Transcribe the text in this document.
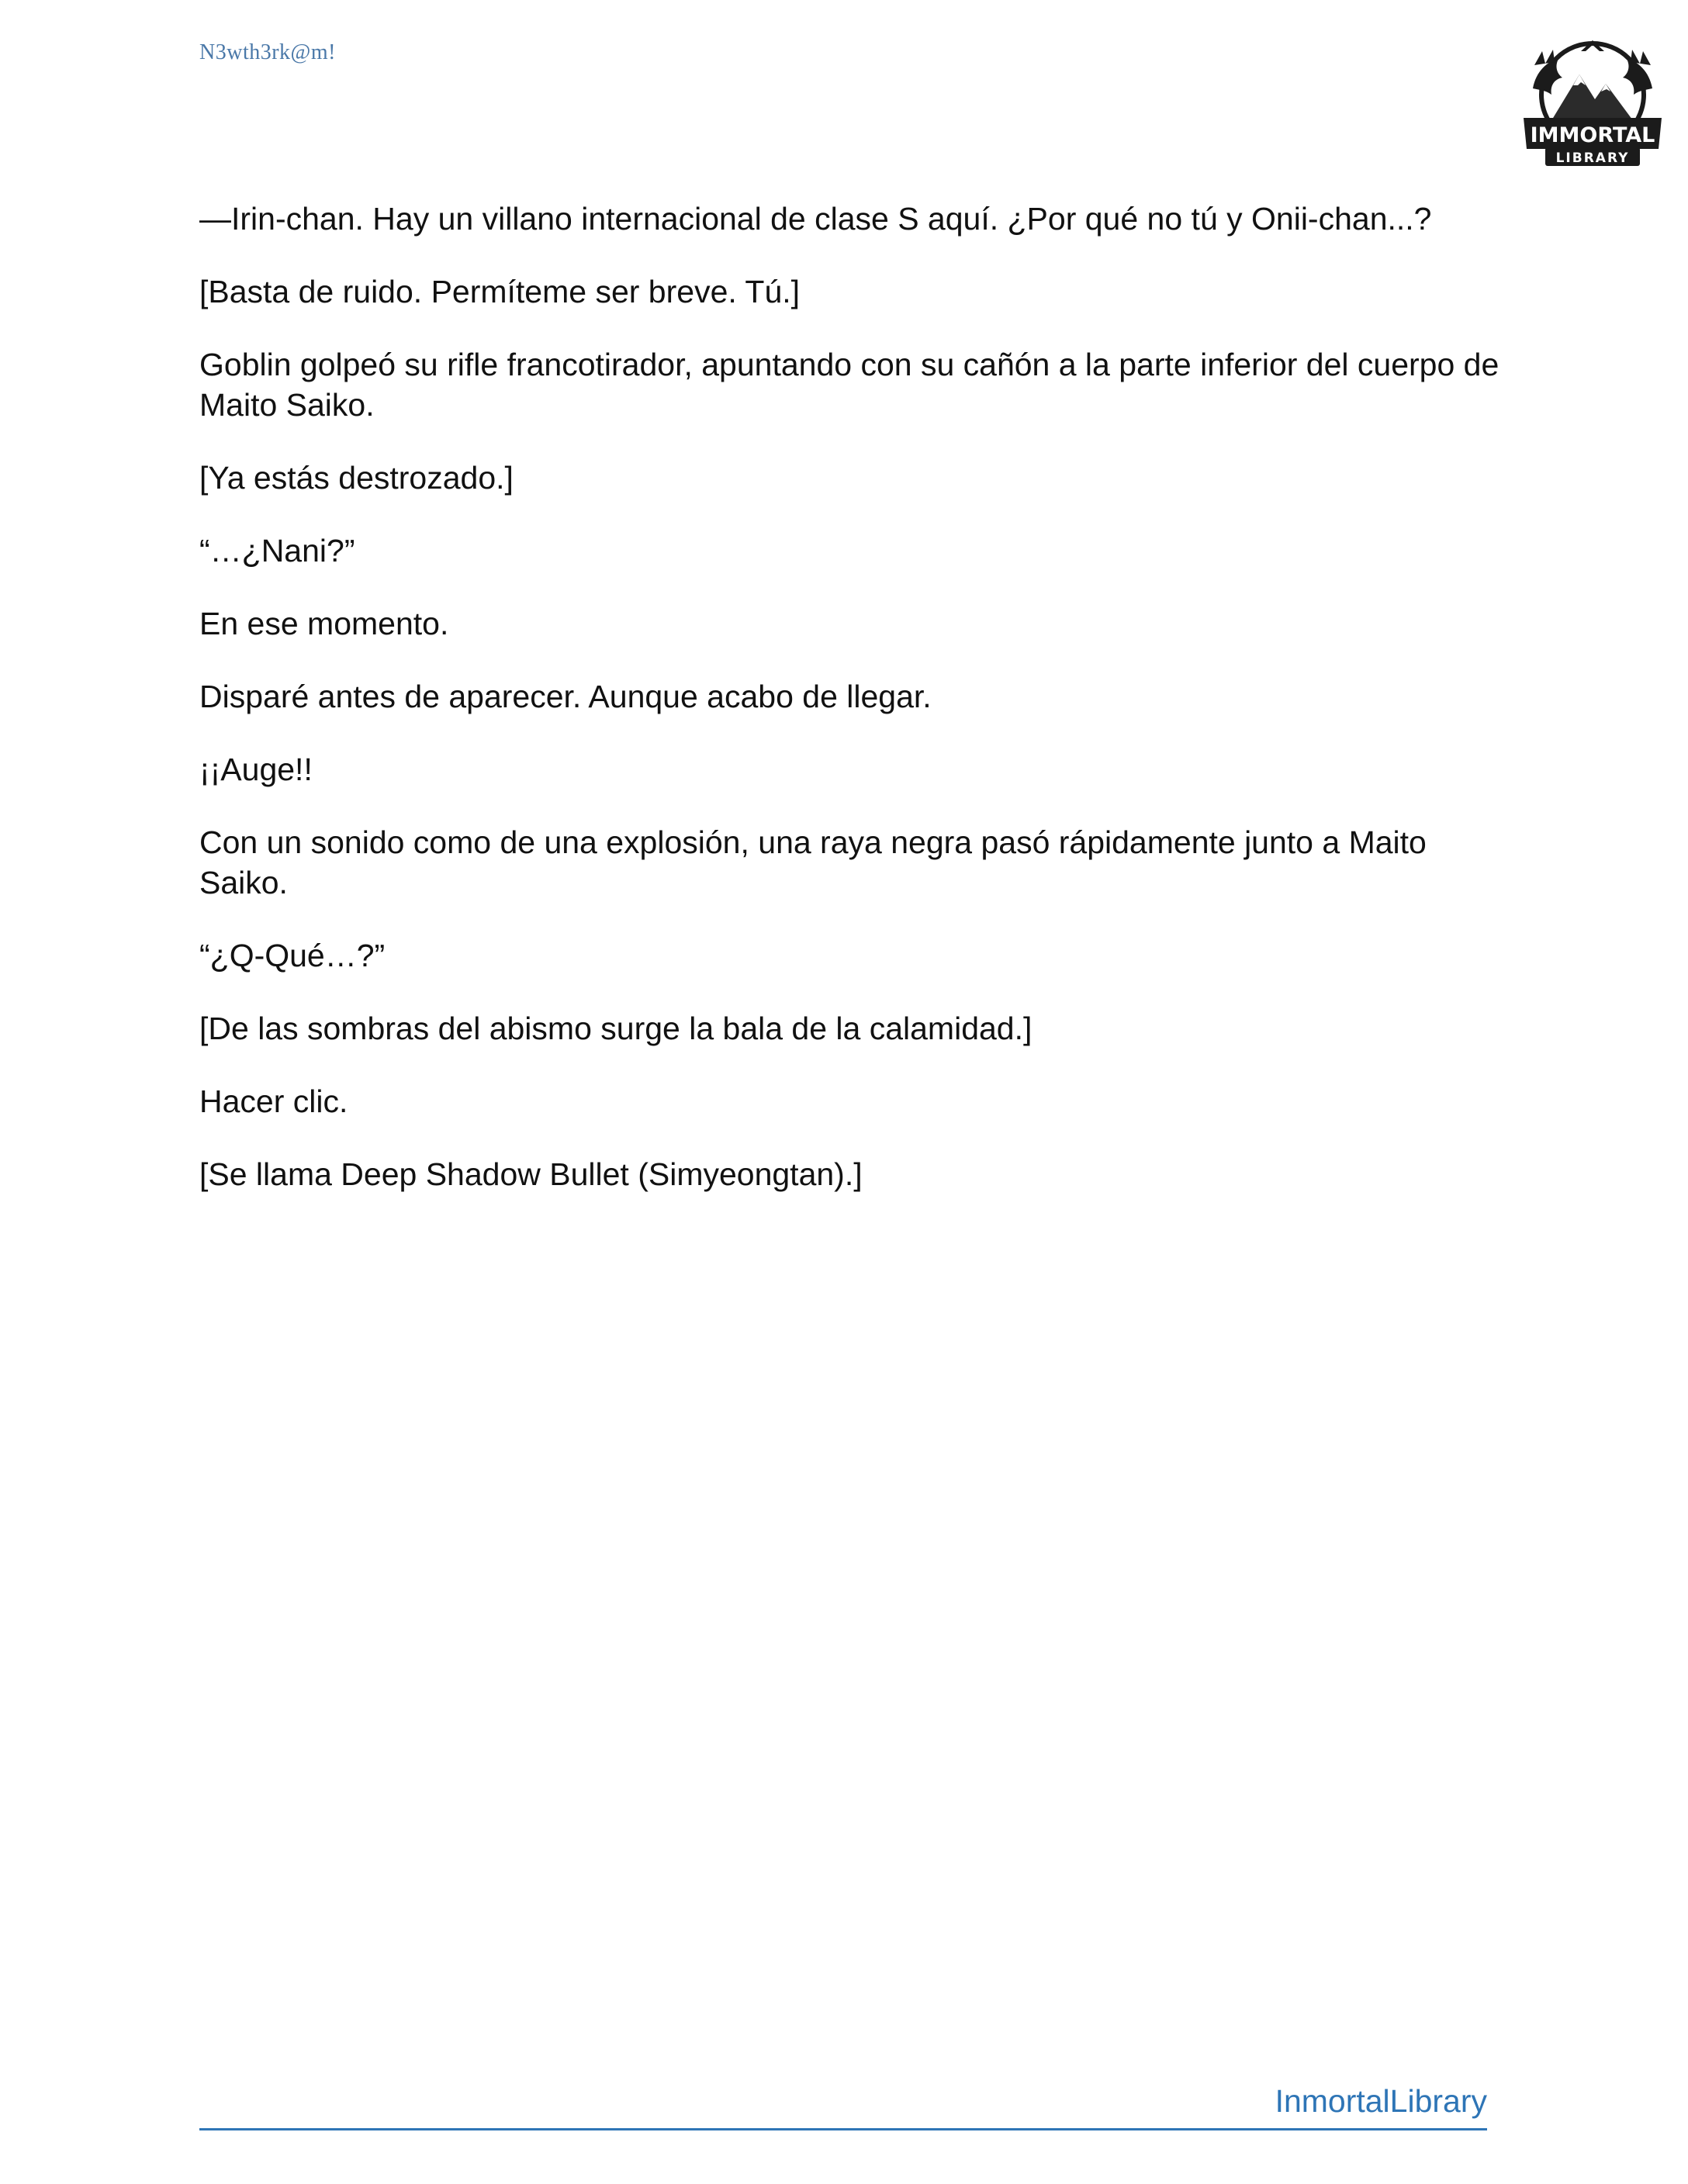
N3wth3rk@m!
IMMORTAL
LIBRARY

—Irin-chan. Hay un villano internacional de clase S aquí. ¿Por qué no tú y Onii-chan...?

[Basta de ruido. Permíteme ser breve. Tú.]

Goblin golpeó su rifle francotirador, apuntando con su cañón a la parte inferior del cuerpo de Maito Saiko.

[Ya estás destrozado.]

“…¿Nani?”

En ese momento.

Disparé antes de aparecer. Aunque acabo de llegar.

¡¡Auge!!

Con un sonido como de una explosión, una raya negra pasó rápidamente junto a Maito Saiko.

“¿Q-Qué…?”

[De las sombras del abismo surge la bala de la calamidad.]

Hacer clic.

[Se llama Deep Shadow Bullet (Simyeongtan).]

InmortalLibrary
